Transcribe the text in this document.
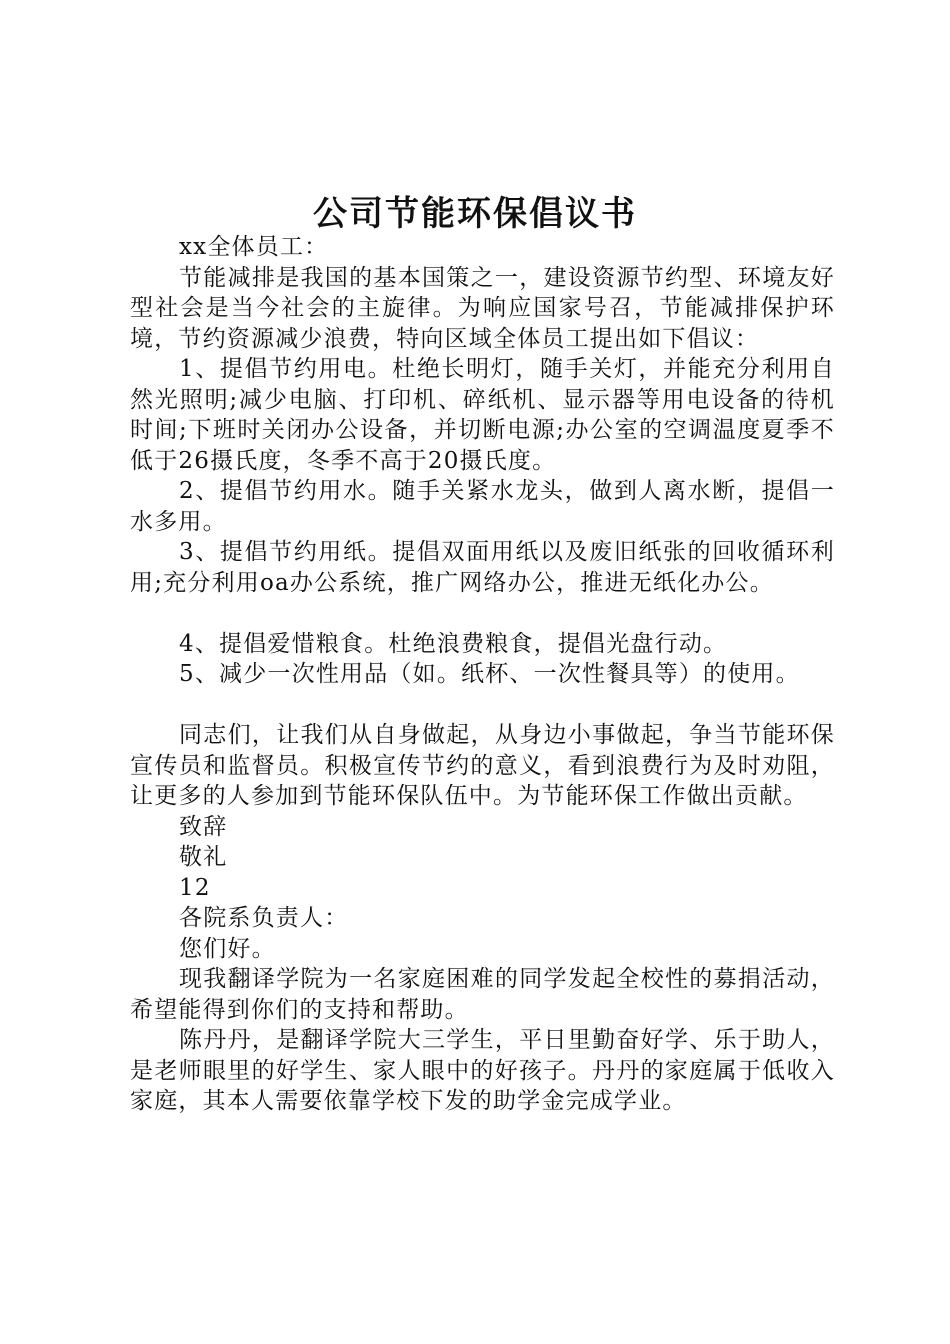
公司节能环保倡议书

xx全体员工：

节能减排是我国的基本国策之一，建设资源节约型、环境友好型社会是当今社会的主旋律。为响应国家号召，节能减排保护环境，节约资源减少浪费，特向区域全体员工提出如下倡议：

1、提倡节约用电。杜绝长明灯，随手关灯，并能充分利用自然光照明;减少电脑、打印机、碎纸机、显示器等用电设备的待机时间;下班时关闭办公设备，并切断电源;办公室的空调温度夏季不低于26摄氏度，冬季不高于20摄氏度。

2、提倡节约用水。随手关紧水龙头，做到人离水断，提倡一水多用。

3、提倡节约用纸。提倡双面用纸以及废旧纸张的回收循环利用;充分利用oa办公系统，推广网络办公，推进无纸化办公。

4、提倡爱惜粮食。杜绝浪费粮食，提倡光盘行动。

5、减少一次性用品（如。纸杯、一次性餐具等）的使用。

同志们，让我们从自身做起，从身边小事做起，争当节能环保宣传员和监督员。积极宣传节约的意义，看到浪费行为及时劝阻，让更多的人参加到节能环保队伍中。为节能环保工作做出贡献。

致辞

敬礼

12

各院系负责人：

您们好。

现我翻译学院为一名家庭困难的同学发起全校性的募捐活动，希望能得到你们的支持和帮助。

陈丹丹，是翻译学院大三学生，平日里勤奋好学、乐于助人，是老师眼里的好学生、家人眼中的好孩子。丹丹的家庭属于低收入家庭，其本人需要依靠学校下发的助学金完成学业。
